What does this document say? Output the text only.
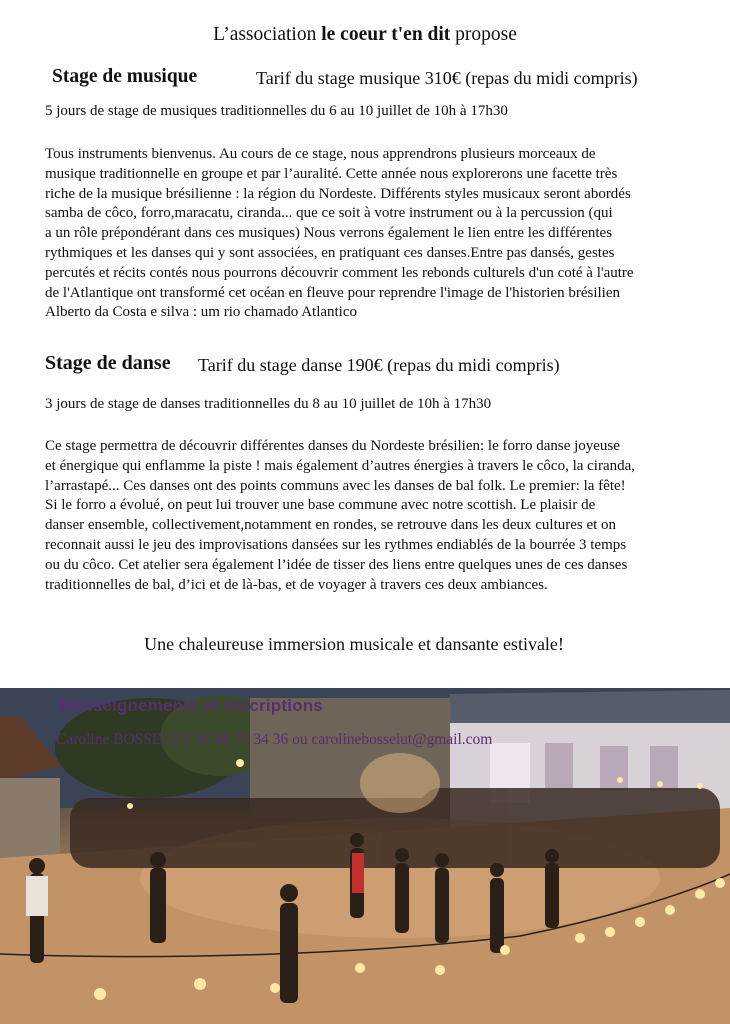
L’association le coeur t'en dit propose
Stage de musique	Tarif du stage musique 310€ (repas du midi compris)
5 jours de stage de musiques traditionnelles du 6 au 10 juillet de 10h à 17h30
Tous instruments bienvenus. Au cours de ce stage, nous apprendrons plusieurs morceaux de
musique traditionnelle en groupe et par l’auralité. Cette année nous explorerons une facette très
riche de la musique brésilienne : la région du Nordeste. Différents styles musicaux seront abordés
samba de côco, forro,maracatu, ciranda... que ce soit à votre instrument ou à la percussion (qui
a un rôle prépondérant dans ces musiques) Nous verrons également le lien entre les différentes
rythmiques et les danses qui y sont associées, en pratiquant ces danses.Entre pas dansés, gestes
percutés et récits contés nous pourrons découvrir comment les rebonds culturels d'un coté à l'autre
de l'Atlantique ont transformé cet océan en fleuve pour reprendre l'image de l'historien brésilien
Alberto da Costa e silva : um rio chamado Atlantico
Stage de danse Tarif du stage danse 190€ (repas du midi compris)
3 jours de stage de danses traditionnelles du 8 au 10 juillet de 10h à 17h30
Ce stage permettra de découvrir différentes danses du Nordeste brésilien: le forro danse joyeuse
et énergique qui enflamme la piste ! mais également d’autres énergies à travers le côco, la ciranda,
l’arrastapé... Ces danses ont des points communs avec les danses de bal folk. Le premier: la fête!
Si le forro a évolué, on peut lui trouver une base commune avec notre scottish. Le plaisir de
danser ensemble, collectivement,notamment en rondes, se retrouve dans les deux cultures et on
reconnait aussi le jeu des improvisations dansées sur les rythmes endiablés de la bourrée 3 temps
ou du côco. Cet atelier sera également l’idée de tisser des liens entre quelques unes de ces danses
traditionnelles de bal, d’ici et de là-bas, et de voyager à travers ces deux ambiances.
Une chaleureuse immersion musicale et dansante estivale!
Renseignements et inscriptions
Caroline BOSSELUT 06 88 79 34 36 ou carolinebosselut@gmail.com
